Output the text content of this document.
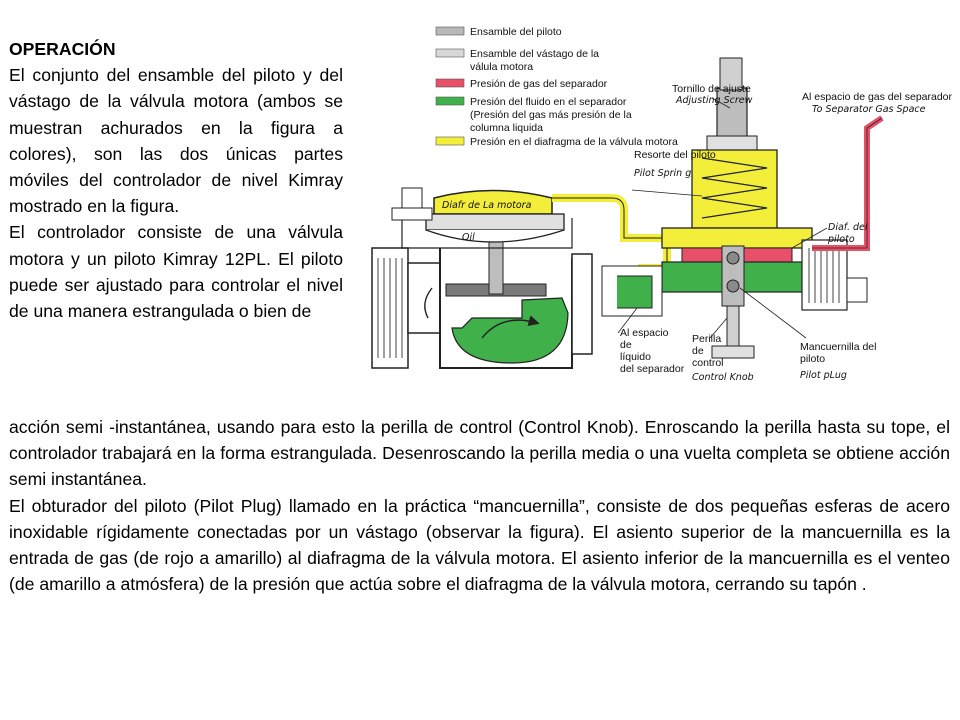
OPERACIÓN

El conjunto del ensamble del piloto y del vástago de la válvula motora (ambos se muestran achurados en la figura a colores), son las dos únicas partes móviles del controlador de nivel Kimray mostrado en la figura.

El controlador consiste de una válvula motora y un piloto Kimray 12PL. El piloto puede ser ajustado para controlar el nivel de una manera estrangulada o bien de

Ensamble del piloto
Ensamble del vástago de la
válula motora
Presión de gas del separador
Presión del fluido en el separador
(Presión del gas más presión de la
columna liquida
Presión en el diafragma de la válvula motora
Diafr de La motora
Oil
Tornillo de ajuste
Adjusting Screw	Al espacio de gas del separador
To Separator Gas Space
Resorte del piloto
Pilot Sprin g
Diaf. del
piloto
Al espacio
de
líquido
del separador
Perilla
de
control
Control Knob
Mancuernilla del
piloto
Pilot pLug

acción semi -instantánea, usando para esto la perilla de control (Control Knob). Enroscando la perilla hasta su tope, el controlador trabajará en la forma estrangulada. Desenroscando la perilla media o una vuelta completa se obtiene acción semi instantánea.

El obturador del piloto (Pilot Plug) llamado en la práctica “mancuernilla”, consiste de dos pequeñas esferas de acero inoxidable rígidamente conectadas por un vástago (observar la figura). El asiento superior de la mancuernilla es la entrada de gas (de rojo a amarillo) al diafragma de la válvula motora. El asiento inferior de la mancuernilla es el venteo (de amarillo a atmósfera) de la presión que actúa sobre el diafragma de la válvula motora, cerrando su tapón .
